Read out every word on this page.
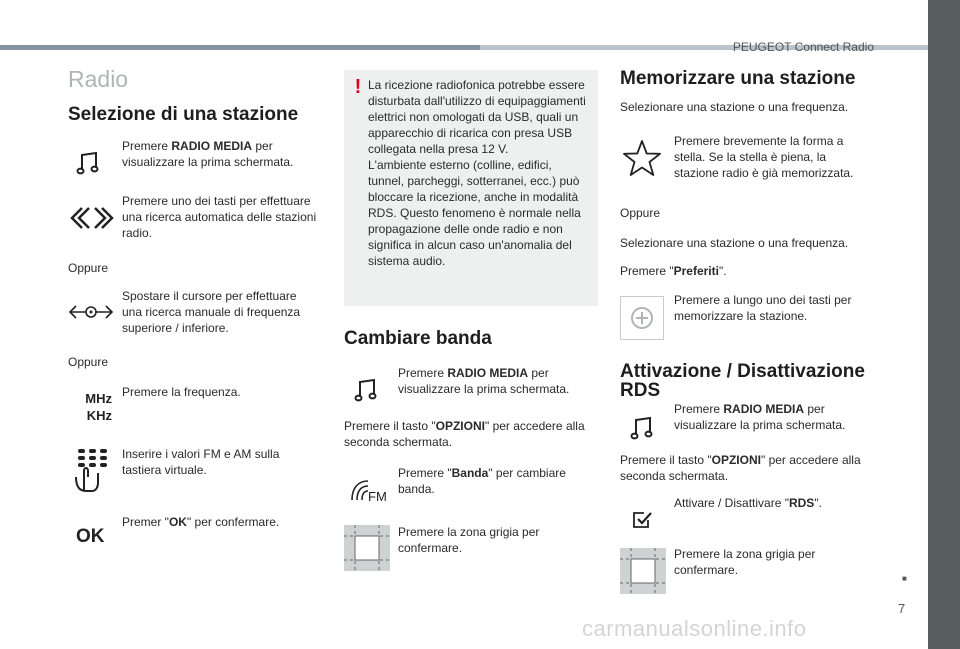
PEUGEOT Connect Radio
Radio
Selezione di una stazione
Premere RADIO MEDIA per visualizzare la prima schermata.
Premere uno dei tasti per effettuare una ricerca automatica delle stazioni radio.
Oppure
Spostare il cursore per effettuare una ricerca manuale di frequenza superiore / inferiore.
Oppure
MHz
KHz
Premere la frequenza.
Inserire i valori FM e AM sulla tastiera virtuale.
OK
Premer "OK" per confermare.
! La ricezione radiofonica potrebbe essere disturbata dall'utilizzo di equipaggiamenti elettrici non omologati da USB, quali un apparecchio di ricarica con presa USB collegata nella presa 12 V.
L'ambiente esterno (colline, edifici, tunnel, parcheggi, sotterranei, ecc.) può bloccare la ricezione, anche in modalità RDS. Questo fenomeno è normale nella propagazione delle onde radio e non significa in alcun caso un'anomalia del sistema audio.
Cambiare banda
Premere RADIO MEDIA per visualizzare la prima schermata.
Premere il tasto "OPZIONI" per accedere alla seconda schermata.
FM
Premere "Banda" per cambiare banda.
Premere la zona grigia per confermare.
Memorizzare una stazione
Selezionare una stazione o una frequenza.
Premere brevemente la forma a stella. Se la stella è piena, la stazione radio è già memorizzata.
Oppure
Selezionare una stazione o una frequenza.
Premere "Preferiti".
Premere a lungo uno dei tasti per memorizzare la stazione.
Attivazione / Disattivazione RDS
Premere RADIO MEDIA per visualizzare la prima schermata.
Premere il tasto "OPZIONI" per accedere alla seconda schermata.
Attivare / Disattivare "RDS".
Premere la zona grigia per confermare.
■
7
carmanualsonline.info
